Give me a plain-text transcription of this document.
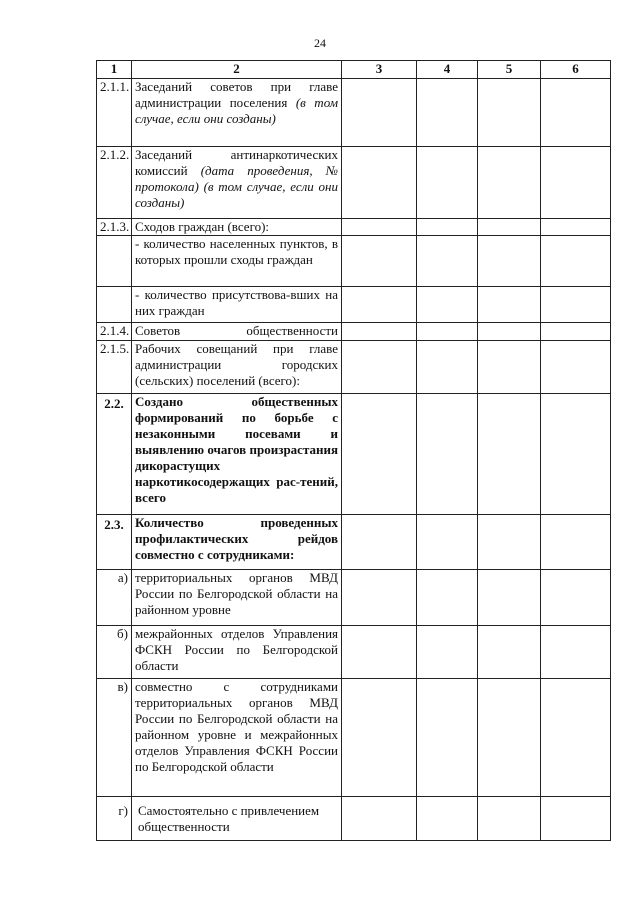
24
1	2	3	4	5	6
2.1.1.	Заседаний советов при главе администрации поселения (в том случае, если они созданы)				
2.1.2.	Заседаний антинаркотических комиссий (дата проведения, № протокола) (в том случае, если они созданы)				
2.1.3.	Сходов граждан (всего):				
	- количество населенных пунктов, в которых прошли сходы граждан				
	- количество присутствова-вших на них граждан				
2.1.4.	Советов общественности				
2.1.5.	Рабочих совещаний при главе администрации городских (сельских) поселений (всего):				
2.2.	Создано общественных формирований по борьбе с незаконными посевами и выявлению очагов произрастания дикорастущих наркотикосодержащих рас-тений, всего				
2.3.	Количество проведенных профилактических рейдов совместно с сотрудниками:				
а)	территориальных органов МВД России по Белгородской области на районном уровне				
б)	межрайонных отделов Управления ФСКН России по Белгородской области				
в)	совместно с сотрудниками территориальных органов МВД России по Белгородской области на районном уровне и межрайонных отделов Управления ФСКН России по Белгородской области				
г)	Самостоятельно с привлечением общественности				
